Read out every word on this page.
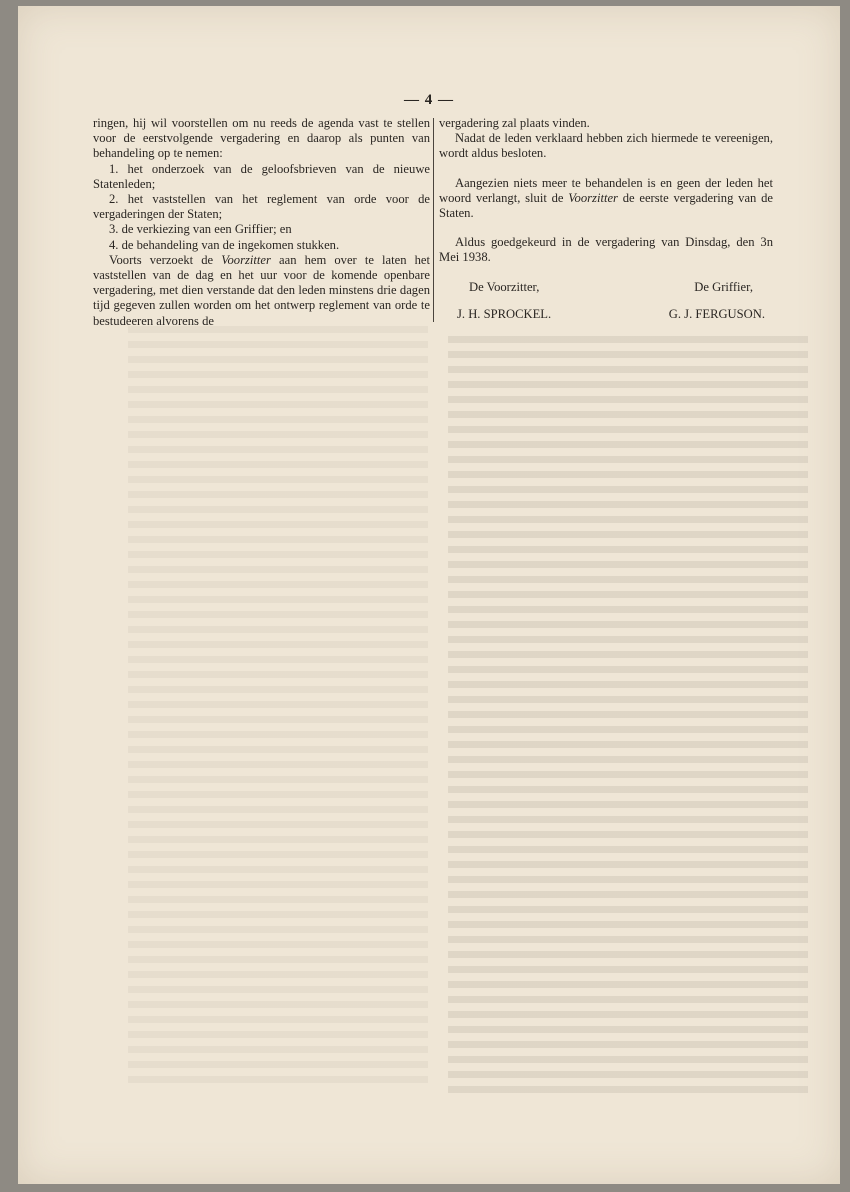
— 4 —

ringen, hij wil voorstellen om nu reeds de agenda vast te stellen voor de eerstvolgende vergadering en daarop als punten van behandeling op te nemen:

1. het onderzoek van de geloofsbrieven van de nieuwe Statenleden;

2. het vaststellen van het reglement van orde voor de vergaderingen der Staten;

3. de verkiezing van een Griffier; en

4. de behandeling van de ingekomen stukken.

Voorts verzoekt de Voorzitter aan hem over te laten het vaststellen van de dag en het uur voor de komende openbare vergadering, met dien verstande dat den leden minstens drie dagen tijd gegeven zullen worden om het ontwerp reglement van orde te bestudeeren alvorens de

vergadering zal plaats vinden.

Nadat de leden verklaard hebben zich hiermede te vereenigen, wordt aldus besloten.

Aangezien niets meer te behandelen is en geen der leden het woord verlangt, sluit de Voorzitter de eerste vergadering van de Staten.

Aldus goedgekeurd in de vergadering van Dinsdag, den 3n Mei 1938.

De Voorzitter,	De Griffier,
J. H. SPROCKEL.	G. J. FERGUSON.
